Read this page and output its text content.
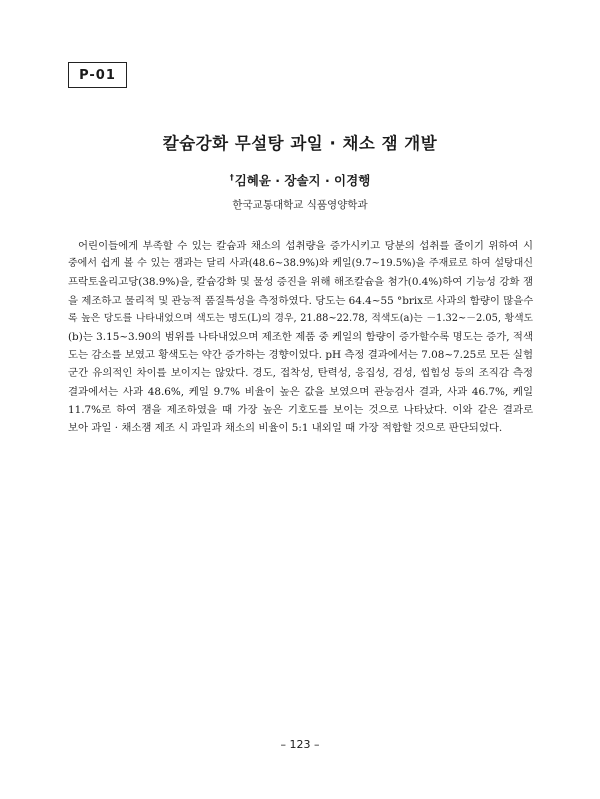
P-01
칼슘강화 무설탕 과일 · 채소 잼 개발
†김혜윤 · 장솔지 · 이경행
한국교통대학교 식품영양학과
어린이들에게 부족할 수 있는 칼슘과 채소의 섭취량을 증가시키고 당분의 섭취를 줄이기 위하여 시
중에서 쉽게 볼 수 있는 잼과는 달리 사과(48.6~38.9%)와 케일(9.7~19.5%)을 주재료로 하여 설탕대신
프락토올리고당(38.9%)을, 칼슘강화 및 물성 증진을 위해 해조칼슘을 첨가(0.4%)하여 기능성 강화 잼
을 제조하고 물리적 및 관능적 품질특성을 측정하였다. 당도는 64.4~55 °brix로 사과의 함량이 많을수
록 높은 당도를 나타내었으며 색도는 명도(L)의 경우, 21.88~22.78, 적색도(a)는 －1.32~－2.05, 황색도
(b)는 3.15~3.90의 범위를 나타내었으며 제조한 제품 중 케일의 함량이 증가할수록 명도는 증가, 적색
도는 감소를 보였고 황색도는 약간 증가하는 경향이었다. pH 측정 결과에서는 7.08~7.25로 모든 실험
군간 유의적인 차이를 보이지는 않았다. 경도, 접착성, 탄력성, 응집성, 검성, 씹힘성 등의 조직감 측정
결과에서는 사과 48.6%, 케일 9.7% 비율이 높은 값을 보였으며 관능검사 결과, 사과 46.7%, 케일
11.7%로 하여 잼을 제조하였을 때 가장 높은 기호도를 보이는 것으로 나타났다. 이와 같은 결과로
보아 과일 · 채소잼 제조 시 과일과 채소의 비율이 5:1 내외일 때 가장 적합할 것으로 판단되었다.
– 123 –
